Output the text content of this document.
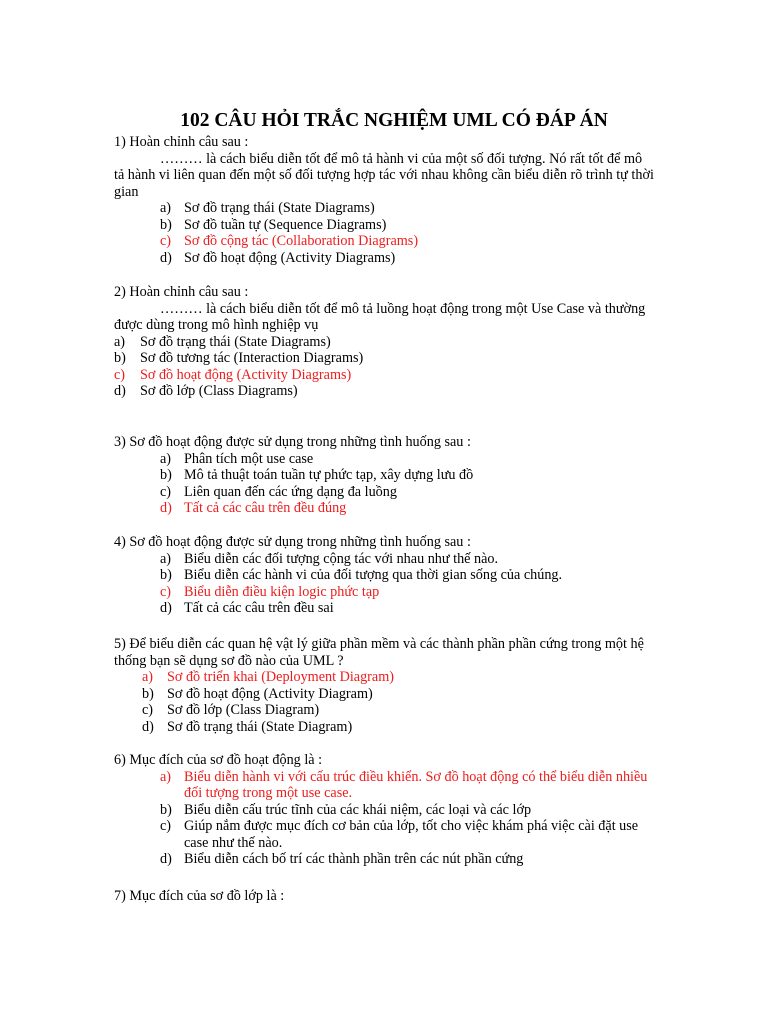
102 CÂU HỎI TRẮC NGHIỆM UML CÓ ĐÁP ÁN

1) Hoàn chỉnh câu sau :

……… là cách biểu diễn tốt để mô tả hành vi của một số đối tượng. Nó rất tốt để mô tả hành vi liên quan đến một số đối tượng hợp tác với nhau không cần biểu diễn rõ trình tự thời gian

a) Sơ đồ trạng thái (State Diagrams)
b) Sơ đồ tuần tự (Sequence Diagrams)
c) Sơ đồ cộng tác (Collaboration Diagrams)
d) Sơ đồ hoạt động (Activity Diagrams)

2) Hoàn chỉnh câu sau :

……… là cách biểu diễn tốt để mô tả luồng hoạt động trong một Use Case và thường được dùng trong mô hình nghiệp vụ

a)	Sơ đồ trạng thái (State Diagrams)
b) Sơ đồ tương tác (Interaction Diagrams)
c)	Sơ đồ hoạt động (Activity Diagrams)
d) Sơ đồ lớp (Class Diagrams)

3) Sơ đồ hoạt động được sử dụng trong những tình huống sau :

a) Phân tích một use case
b) Mô tả thuật toán tuần tự phức tạp, xây dựng lưu đồ
c) Liên quan đến các ứng dạng đa luồng
d) Tất cả các câu trên đều đúng

4) Sơ đồ hoạt động được sử dụng trong những tình huống sau :

a) Biểu diễn các đối tượng cộng tác với nhau như thế nào.
b) Biểu diễn các hành vi của đối tượng qua thời gian sống của chúng.
c) Biểu diễn điều kiện logic phức tạp
d) Tất cả các câu trên đều sai

5) Để biểu diễn các quan hệ vật lý giữa phần mềm và các thành phần phần cứng trong một hệ thống bạn sẽ dụng sơ đồ nào của UML ?

a) Sơ đồ triển khai (Deployment Diagram)
b) Sơ đồ hoạt động (Activity Diagram)
c) Sơ đồ lớp (Class Diagram)
d) Sơ đồ trạng thái (State Diagram)

6) Mục đích của sơ đồ hoạt động là :

a) Biểu diễn hành vi với cấu trúc điều khiển. Sơ đồ hoạt động có thể biểu diễn nhiều đối tượng trong một use case.
b) Biểu diễn cấu trúc tĩnh của các khái niệm, các loại và các lớp
c) Giúp nắm được mục đích cơ bản của lớp, tốt cho việc khám phá việc cài đặt use case như thế nào.
d) Biểu diễn cách bố trí các thành phần trên các nút phần cứng

7) Mục đích của sơ đồ lớp là :
